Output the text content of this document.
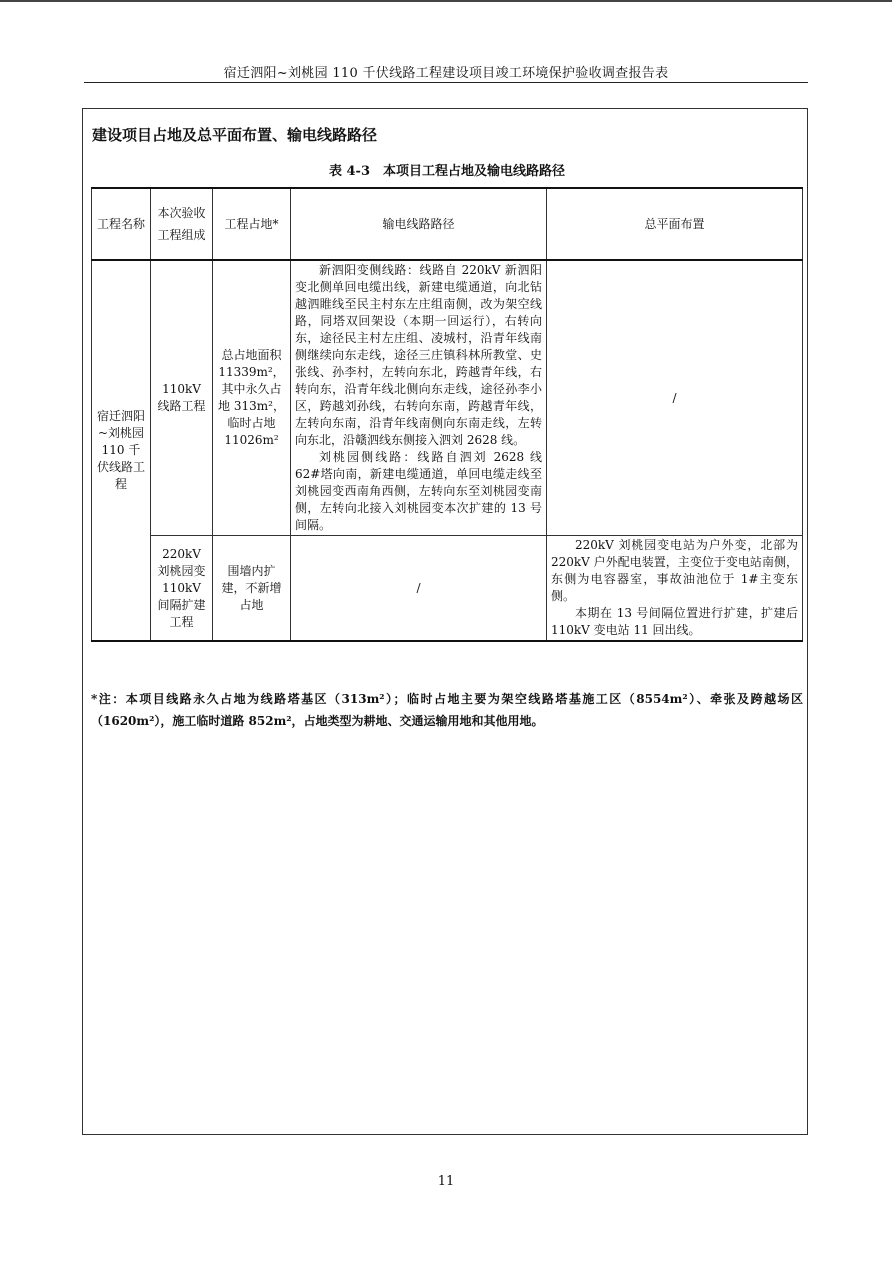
宿迁泗阳~刘桃园 110 千伏线路工程建设项目竣工环境保护验收调查报告表
建设项目占地及总平面布置、输电线路路径
表 4-3　本项目工程占地及输电线路路径
工程名称	本次验收工程组成	工程占地*	输电线路路径	总平面布置
宿迁泗阳~刘桃园 110 千伏线路工程	110kV 线路工程	总占地面积 11339m²，其中永久占地 313m²，临时占地 11026m²	新泗阳变侧线路：线路自 220kV 新泗阳变北侧单回电缆出线，新建电缆通道，向北钻越泗睢线至民主村东左庄组南侧，改为架空线路，同塔双回架设（本期一回运行），右转向东，途径民主村左庄组、凌城村，沿青年线南侧继续向东走线，途径三庄镇科林所教堂、史张线、孙李村，左转向东北，跨越青年线，右转向东，沿青年线北侧向东走线，途径孙李小区，跨越刘孙线，右转向东南，跨越青年线，左转向东南，沿青年线南侧向东南走线，左转向东北，沿赣泗线东侧接入泗刘 2628 线。

刘桃园侧线路：线路自泗刘 2628 线 62#塔向南，新建电缆通道，单回电缆走线至刘桃园变西南角西侧，左转向东至刘桃园变南侧，左转向北接入刘桃园变本次扩建的 13 号间隔。	/
	220kV 刘桃园变 110kV 间隔扩建工程	围墙内扩建，不新增占地	/	220kV 刘桃园变电站为户外变，北部为 220kV 户外配电装置，主变位于变电站南侧，东侧为电容器室，事故油池位于 1#主变东侧。

本期在 13 号间隔位置进行扩建，扩建后 110kV 变电站 11 回出线。

*注：本项目线路永久占地为线路塔基区（313m²）；临时占地主要为架空线路塔基施工区（8554m²）、牵张及跨越场区（1620m²），施工临时道路 852m²，占地类型为耕地、交通运输用地和其他用地。
11
